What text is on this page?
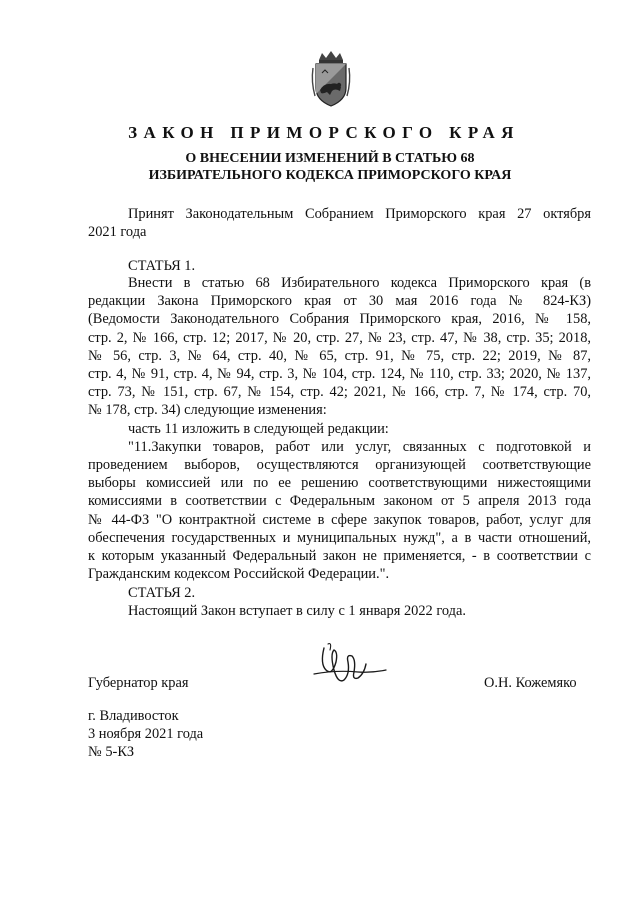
ЗАКОН ПРИМОРСКОГО КРАЯ
О ВНЕСЕНИИ ИЗМЕНЕНИЙ В СТАТЬЮ 68
ИЗБИРАТЕЛЬНОГО КОДЕКСА ПРИМОРСКОГО КРАЯ
Принят Законодательным Собранием Приморского края 27 октября
2021 года
СТАТЬЯ 1.
Внести в статью 68 Избирательного кодекса Приморского края (в
редакции Закона Приморского края от 30 мая 2016 года № 824-КЗ)
(Ведомости Законодательного Собрания Приморского края, 2016, № 158,
стр. 2, № 166, стр. 12; 2017, № 20, стр. 27, № 23, стр. 47, № 38, стр. 35; 2018,
№ 56, стр. 3, № 64, стр. 40, № 65, стр. 91, № 75, стр. 22; 2019, № 87,
стр. 4, № 91, стр. 4, № 94, стр. 3, № 104, стр. 124, № 110, стр. 33; 2020, № 137,
стр. 73, № 151, стр. 67, № 154, стр. 42; 2021, № 166, стр. 7, № 174, стр. 70,
№ 178, стр. 34) следующие изменения:
часть 11 изложить в следующей редакции:
"11.Закупки товаров, работ или услуг, связанных с подготовкой и
проведением выборов, осуществляются организующей соответствующие
выборы комиссией или по ее решению соответствующими нижестоящими
комиссиями в соответствии с Федеральным законом от 5 апреля 2013 года
№ 44-ФЗ "О контрактной системе в сфере закупок товаров, работ, услуг для
обеспечения государственных и муниципальных нужд", а в части отношений,
к которым указанный Федеральный закон не применяется, - в соответствии с
Гражданским кодексом Российской Федерации.".
СТАТЬЯ 2.
Настоящий Закон вступает в силу с 1 января 2022 года.
Губернатор края	О.Н. Кожемяко
г. Владивосток
3 ноября 2021 года
№ 5-КЗ
